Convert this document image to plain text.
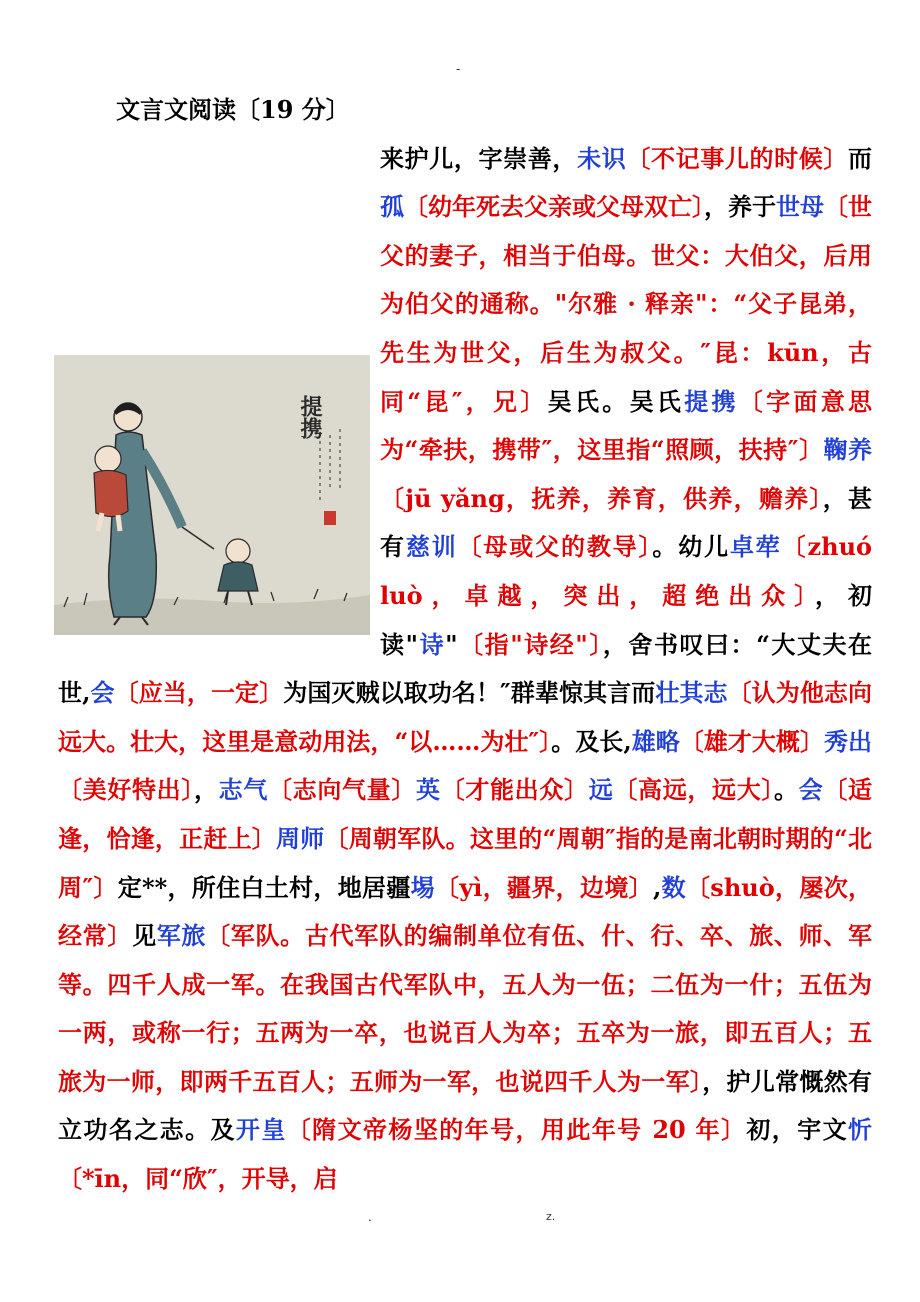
-

文言文阅读〔19 分〕

提携
来护儿，字崇善，未识〔不记事儿的时候〕而孤〔幼年死去父亲或父母双亡〕，养于世母〔世父的妻子，相当于伯母。世父：大伯父，后用为伯父的通称。"尔雅 · 释亲"：“父子昆弟，先生为世父，后生为叔父。″昆：kūn，古同“昆″，兄〕吴氏。吴氏提携〔字面意思为“牵扶，携带″，这里指“照顾，扶持″〕鞠养〔jū yǎng，抚养，养育，供养，赡养〕，甚有慈训〔母或父的教导〕。幼儿卓荦〔zhuó luò，卓越，突出，超绝出众〕，初读"诗"〔指"诗经"〕，舍书叹曰：“大丈夫在世,会〔应当，一定〕为国灭贼以取功名！″群辈惊其言而壮其志〔认为他志向远大。壮大，这里是意动用法，“以……为壮″〕。及长,雄略〔雄才大概〕秀出〔美好特出〕，志气〔志向气量〕英〔才能出众〕远〔高远，远大〕。会〔适逢，恰逢，正赶上〕周师〔周朝军队。这里的“周朝″指的是南北朝时期的“北周″〕定**，所住白土村，地居疆埸〔yì，疆界，边境〕,数〔shuò，屡次，经常〕见军旅〔军队。古代军队的编制单位有伍、什、行、卒、旅、师、军等。四千人成一军。在我国古代军队中，五人为一伍；二伍为一什；五伍为一两，或称一行；五两为一卒，也说百人为卒；五卒为一旅，即五百人；五旅为一师，即两千五百人；五师为一军，也说四千人为一军〕，护儿常慨然有立功名之志。及开皇〔隋文帝杨坚的年号，用此年号 20 年〕初，宇文忻〔*īn，同“欣″，开导，启
.	z.
